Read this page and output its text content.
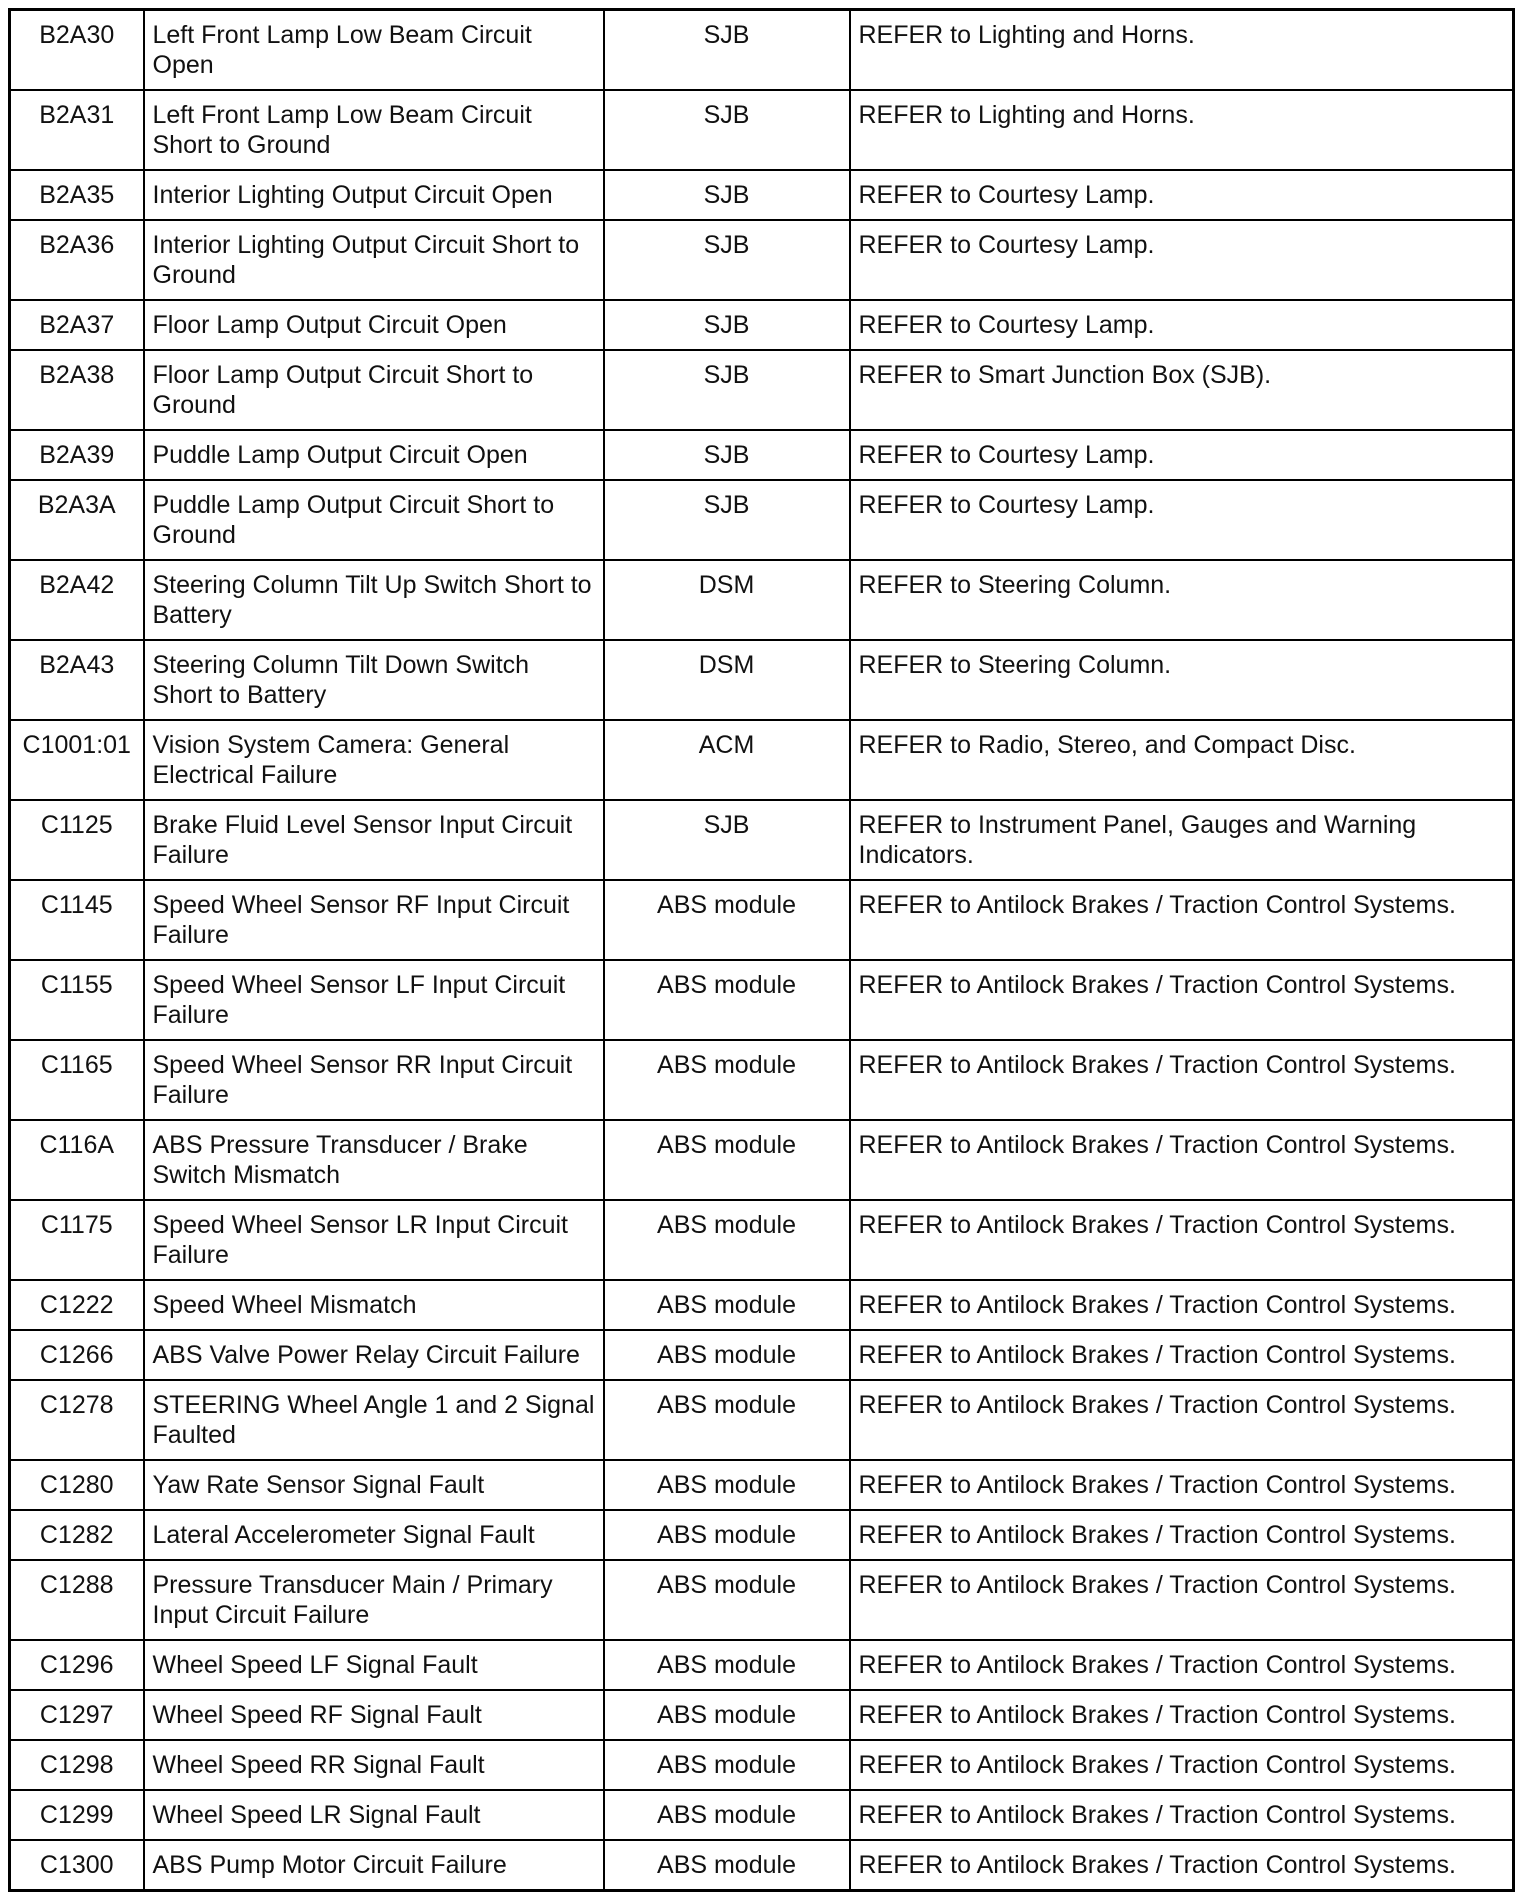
B2A30	Left Front Lamp Low Beam Circuit Open	SJB	REFER to Lighting and Horns.
B2A31	Left Front Lamp Low Beam Circuit Short to Ground	SJB	REFER to Lighting and Horns.
B2A35	Interior Lighting Output Circuit Open	SJB	REFER to Courtesy Lamp.
B2A36	Interior Lighting Output Circuit Short to Ground	SJB	REFER to Courtesy Lamp.
B2A37	Floor Lamp Output Circuit Open	SJB	REFER to Courtesy Lamp.
B2A38	Floor Lamp Output Circuit Short to Ground	SJB	REFER to Smart Junction Box (SJB).
B2A39	Puddle Lamp Output Circuit Open	SJB	REFER to Courtesy Lamp.
B2A3A	Puddle Lamp Output Circuit Short to Ground	SJB	REFER to Courtesy Lamp.
B2A42	Steering Column Tilt Up Switch Short to Battery	DSM	REFER to Steering Column.
B2A43	Steering Column Tilt Down Switch Short to Battery	DSM	REFER to Steering Column.
C1001:01	Vision System Camera: General Electrical Failure	ACM	REFER to Radio, Stereo, and Compact Disc.
C1125	Brake Fluid Level Sensor Input Circuit Failure	SJB	REFER to Instrument Panel, Gauges and Warning Indicators.
C1145	Speed Wheel Sensor RF Input Circuit Failure	ABS module	REFER to Antilock Brakes / Traction Control Systems.
C1155	Speed Wheel Sensor LF Input Circuit Failure	ABS module	REFER to Antilock Brakes / Traction Control Systems.
C1165	Speed Wheel Sensor RR Input Circuit Failure	ABS module	REFER to Antilock Brakes / Traction Control Systems.
C116A	ABS Pressure Transducer / Brake Switch Mismatch	ABS module	REFER to Antilock Brakes / Traction Control Systems.
C1175	Speed Wheel Sensor LR Input Circuit Failure	ABS module	REFER to Antilock Brakes / Traction Control Systems.
C1222	Speed Wheel Mismatch	ABS module	REFER to Antilock Brakes / Traction Control Systems.
C1266	ABS Valve Power Relay Circuit Failure	ABS module	REFER to Antilock Brakes / Traction Control Systems.
C1278	STEERING Wheel Angle 1 and 2 Signal Faulted	ABS module	REFER to Antilock Brakes / Traction Control Systems.
C1280	Yaw Rate Sensor Signal Fault	ABS module	REFER to Antilock Brakes / Traction Control Systems.
C1282	Lateral Accelerometer Signal Fault	ABS module	REFER to Antilock Brakes / Traction Control Systems.
C1288	Pressure Transducer Main / Primary Input Circuit Failure	ABS module	REFER to Antilock Brakes / Traction Control Systems.
C1296	Wheel Speed LF Signal Fault	ABS module	REFER to Antilock Brakes / Traction Control Systems.
C1297	Wheel Speed RF Signal Fault	ABS module	REFER to Antilock Brakes / Traction Control Systems.
C1298	Wheel Speed RR Signal Fault	ABS module	REFER to Antilock Brakes / Traction Control Systems.
C1299	Wheel Speed LR Signal Fault	ABS module	REFER to Antilock Brakes / Traction Control Systems.
C1300	ABS Pump Motor Circuit Failure	ABS module	REFER to Antilock Brakes / Traction Control Systems.
